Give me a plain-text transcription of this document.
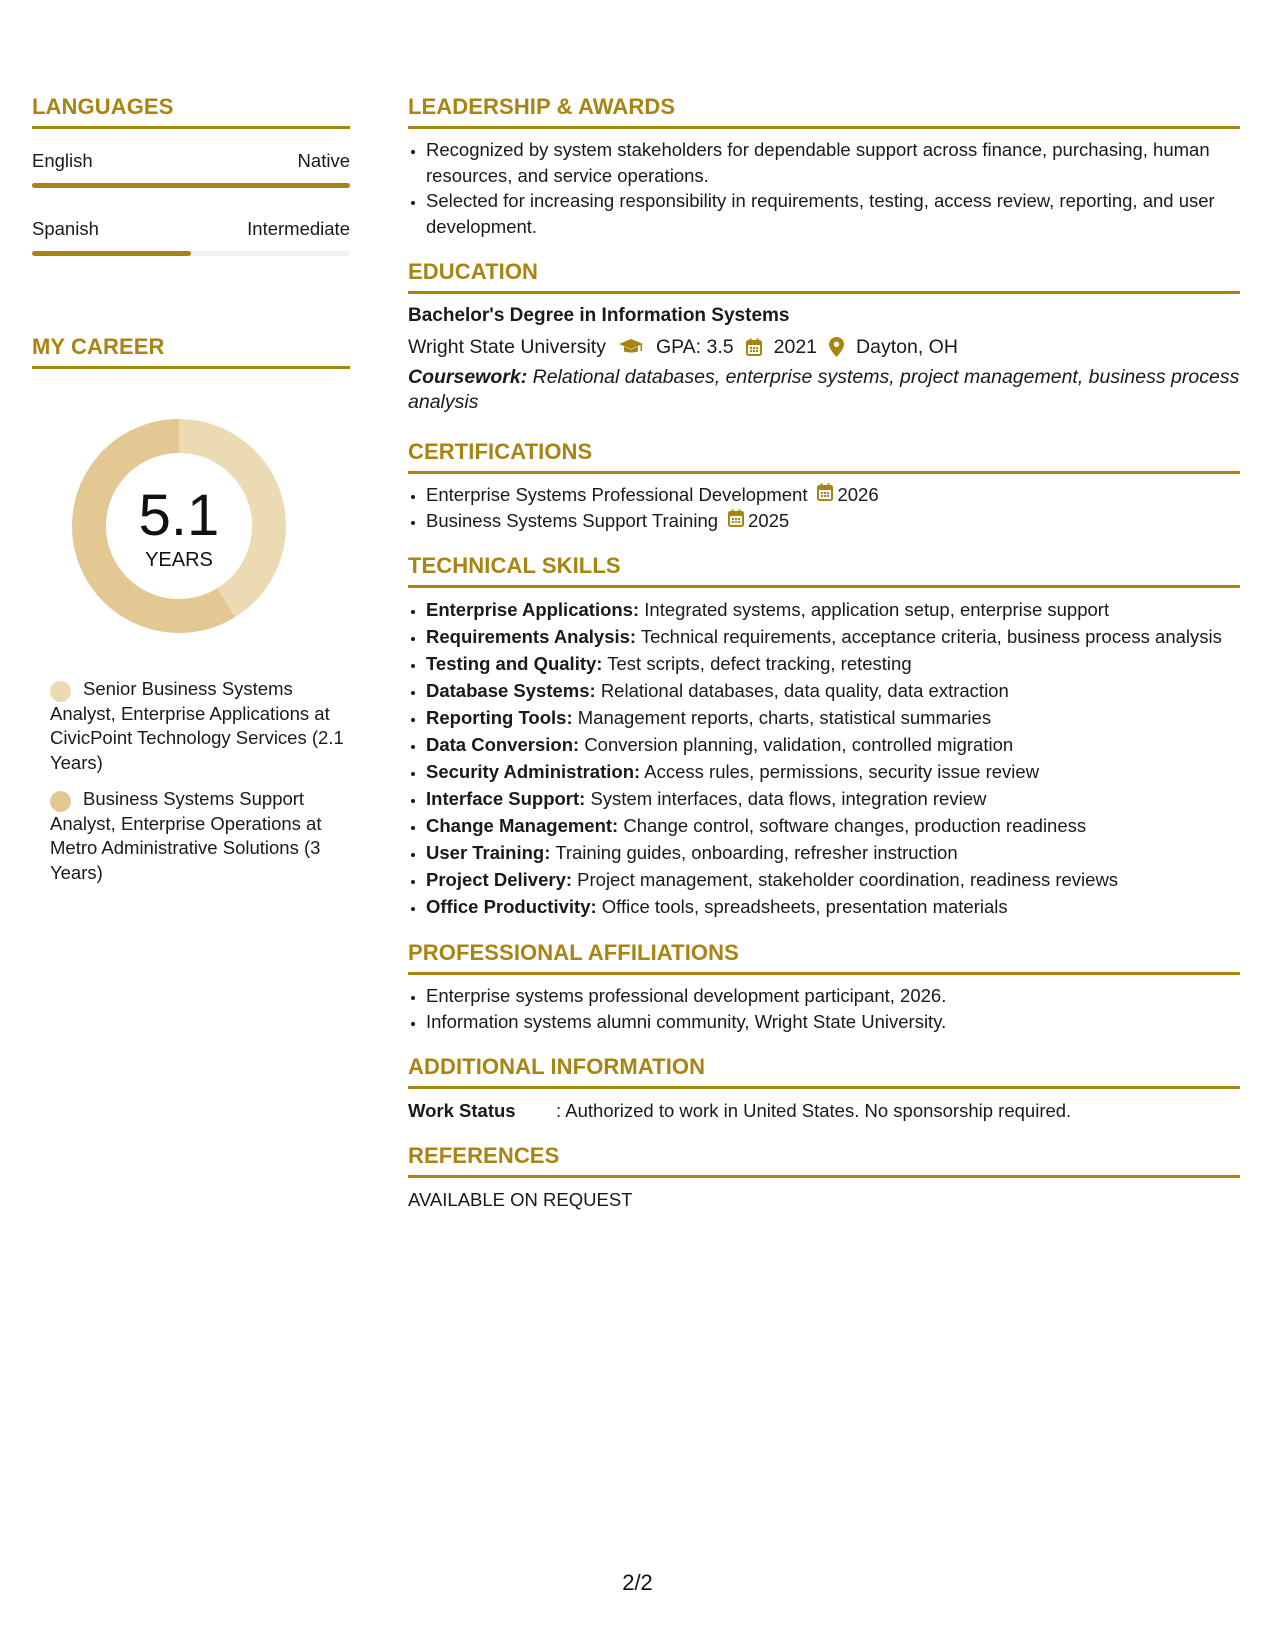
LANGUAGES
English	Native
Spanish	Intermediate
MY CAREER
5.1
YEARS
Senior Business Systems Analyst, Enterprise Applications at CivicPoint Technology Services (2.1 Years)
Business Systems Support Analyst, Enterprise Operations at Metro Administrative Solutions (3 Years)
LEADERSHIP & AWARDS
• Recognized by system stakeholders for dependable support across finance, purchasing, human resources, and service operations.
• Selected for increasing responsibility in requirements, testing, access review, reporting, and user development.
EDUCATION
Bachelor's Degree in Information Systems
Wright State University	GPA: 3.5 2021 Dayton, OH
Coursework: Relational databases, enterprise systems, project management, business process analysis
CERTIFICATIONS
• Enterprise Systems Professional Development 2026
• Business Systems Support Training 2025
TECHNICAL SKILLS
• Enterprise Applications: Integrated systems, application setup, enterprise support
• Requirements Analysis: Technical requirements, acceptance criteria, business process analysis
• Testing and Quality: Test scripts, defect tracking, retesting
• Database Systems: Relational databases, data quality, data extraction
• Reporting Tools: Management reports, charts, statistical summaries
• Data Conversion: Conversion planning, validation, controlled migration
• Security Administration: Access rules, permissions, security issue review
• Interface Support: System interfaces, data flows, integration review
• Change Management: Change control, software changes, production readiness
• User Training: Training guides, onboarding, refresher instruction
• Project Delivery: Project management, stakeholder coordination, readiness reviews
• Office Productivity: Office tools, spreadsheets, presentation materials
PROFESSIONAL AFFILIATIONS
• Enterprise systems professional development participant, 2026.
• Information systems alumni community, Wright State University.
ADDITIONAL INFORMATION
Work Status	: Authorized to work in United States. No sponsorship required.
REFERENCES
AVAILABLE ON REQUEST
2/2
